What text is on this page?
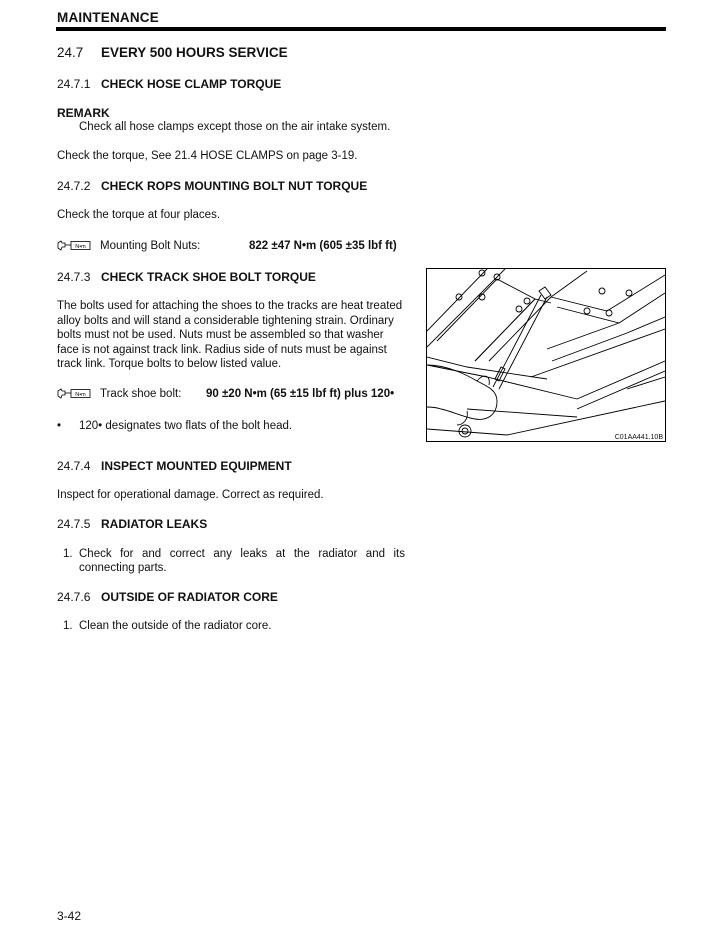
MAINTENANCE
24.7 EVERY 500 HOURS SERVICE
24.7.1 CHECK HOSE CLAMP TORQUE
REMARK
Check all hose clamps except those on the air intake system.
Check the torque, See 21.4 HOSE CLAMPS on page 3-19.
24.7.2 CHECK ROPS MOUNTING BOLT NUT TORQUE
Check the torque at four places.
N•m Mounting Bolt Nuts:	822 ±47 N•m (605 ±35 lbf ft)
24.7.3 CHECK TRACK SHOE BOLT TORQUE
The bolts used for attaching the shoes to the tracks are heat treated
alloy bolts and will stand a considerable tightening strain. Ordinary
bolts must not be used. Nuts must be assembled so that washer
face is not against track link. Radius side of nuts must be against
track link. Torque bolts to below listed value.
N•m Track shoe bolt: 90 ±20 N•m (65 ±15 lbf ft) plus 120•
• 120• designates two flats of the bolt head.
C01AA441.10B
24.7.4 INSPECT MOUNTED EQUIPMENT
Inspect for operational damage. Correct as required.
24.7.5 RADIATOR LEAKS
1. Check for and correct any leaks at the radiator and its
connecting parts.
24.7.6 OUTSIDE OF RADIATOR CORE
1. Clean the outside of the radiator core.
3-42
